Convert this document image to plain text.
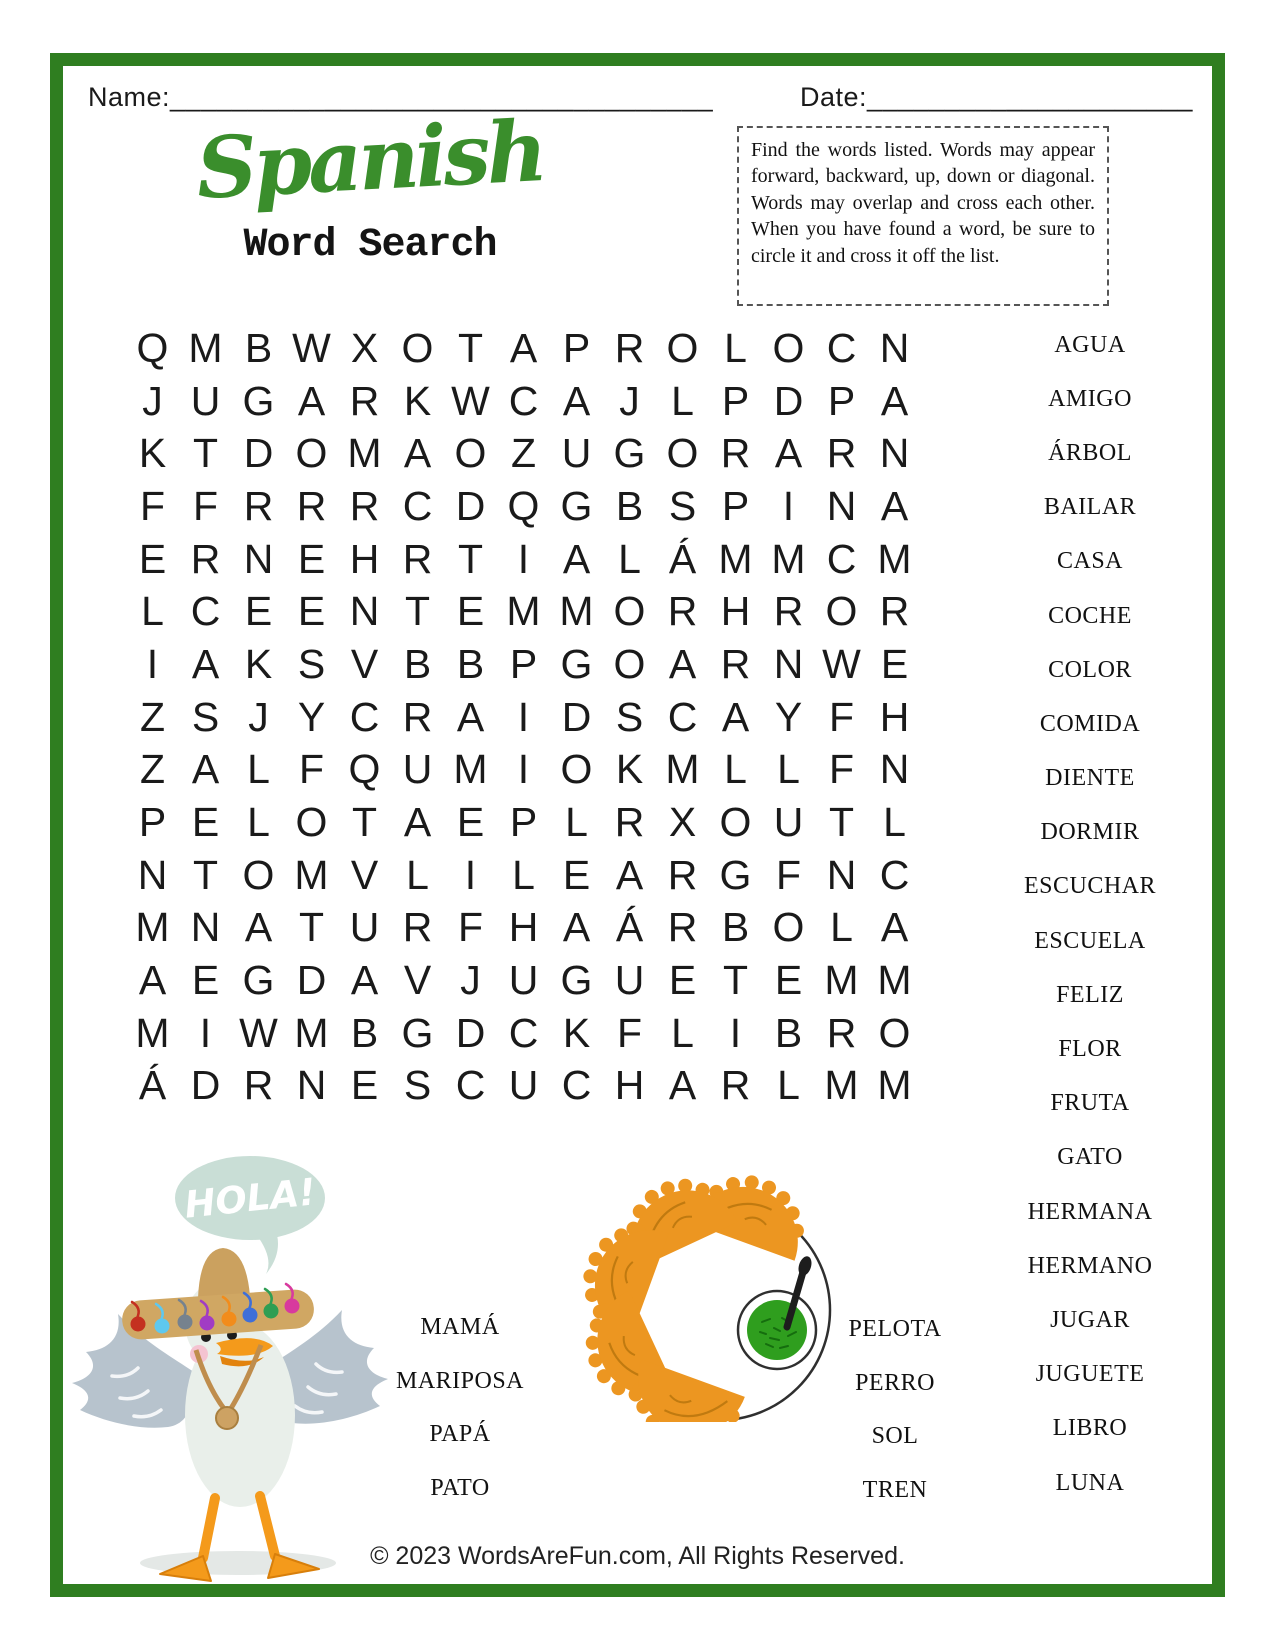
Name:___________________________________	Date:_____________________
Spanish
Word Search
Find the words listed. Words may appear forward, backward, up, down or diagonal. Words may overlap and cross each other. When you have found a word, be sure to circle it and cross it off the list.
Q M B W X O T A P R O L O C N
J U G A R K W C A J L P D P A
K T D O M A O Z U G O R A R N
F F R R R C D Q G B S P I N A
E R N E H R T I A L Á M M C M
L C E E N T E M M O R H R O R
I A K S V B B P G O A R N W E
Z S J Y C R A I D S C A Y F H
Z A L F Q U M I O K M L L F N
P E L O T A E P L R X O U T L
N T O M V L I L E A R G F N C
M N A T U R F H A Á R B O L A
A E G D A V J U G U E T E M M
M I W M B G D C K F L I B R O
Á D R N E S C U C H A R L M M
AGUA
AMIGO
ÁRBOL
BAILAR
CASA
COCHE
COLOR
COMIDA
DIENTE
DORMIR
ESCUCHAR
ESCUELA
FELIZ
FLOR
FRUTA
GATO
HERMANA
HERMANO
JUGAR
JUGUETE
LIBRO
LUNA
MAMÁ
MARIPOSA
PAPÁ
PATO
PELOTA
PERRO
SOL
TREN
HOLA!
© 2023 WordsAreFun.com, All Rights Reserved.
